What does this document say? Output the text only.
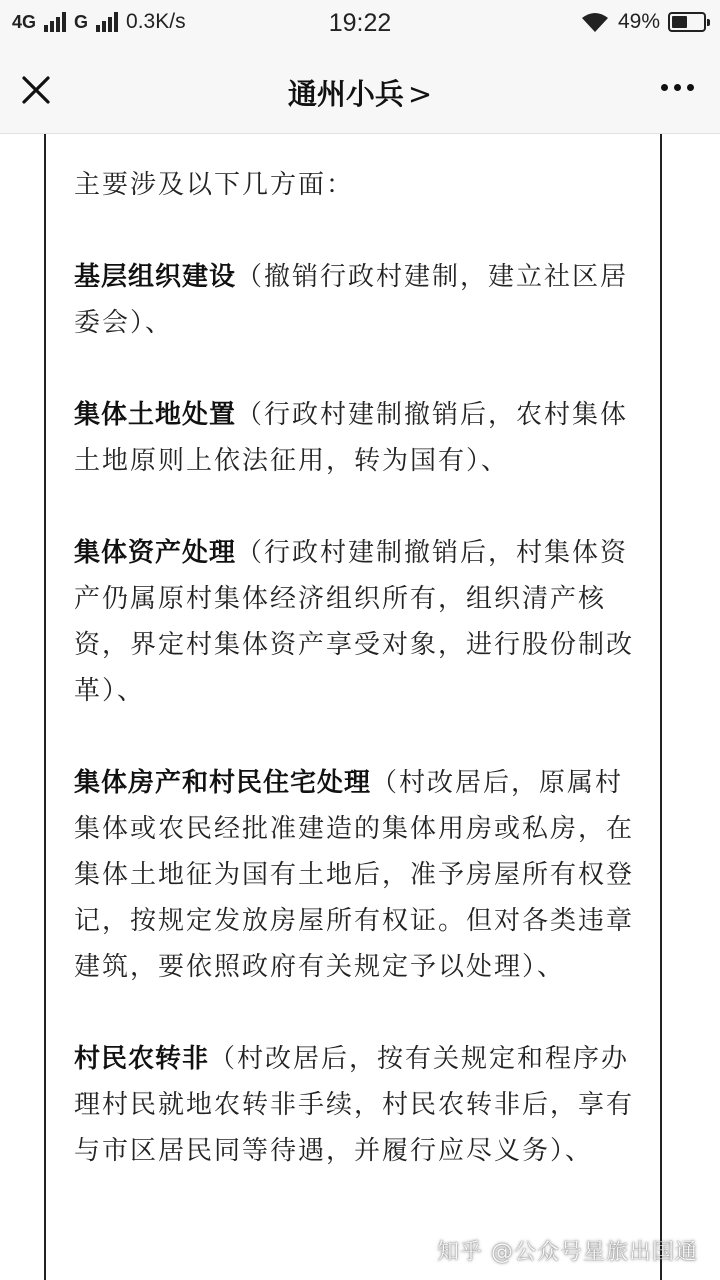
4G G 0.3K/s	19:22	49%
通州小兵 >

主要涉及以下几方面：

基层组织建设（撤销行政村建制，建立社区居委会）、

集体土地处置（行政村建制撤销后，农村集体土地原则上依法征用，转为国有）、

集体资产处理（行政村建制撤销后，村集体资产仍属原村集体经济组织所有，组织清产核资，界定村集体资产享受对象，进行股份制改革）、

集体房产和村民住宅处理（村改居后，原属村集体或农民经批准建造的集体用房或私房，在集体土地征为国有土地后，准予房屋所有权登记，按规定发放房屋所有权证。但对各类违章建筑，要依照政府有关规定予以处理）、

村民农转非（村改居后，按有关规定和程序办理村民就地农转非手续，村民农转非后，享有与市区居民同等待遇，并履行应尽义务）、

知乎 @公众号星旅出国通
